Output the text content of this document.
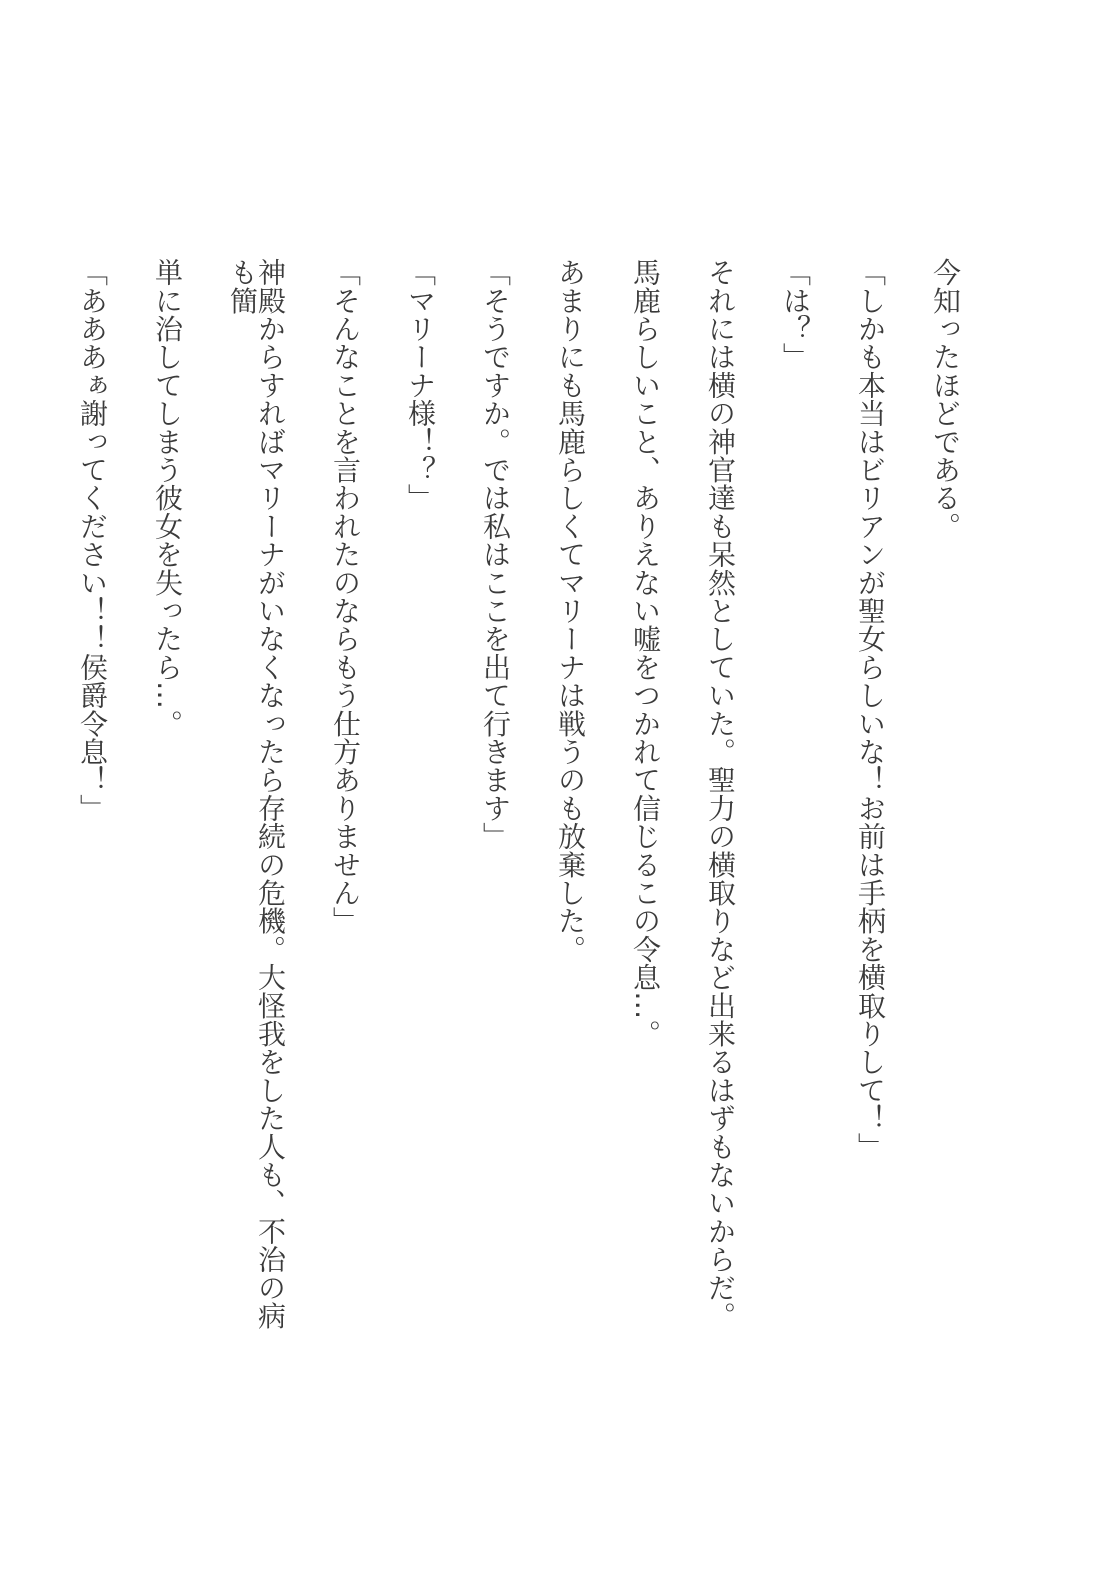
今知ったほどである。
「しかも本当はビリアンが聖女らしいな！お前は手柄を横取りして！」
「は？」
それには横の神官達も呆然としていた。聖力の横取りなど出来るはずもないからだ。
馬鹿らしいこと、ありえない嘘をつかれて信じるこの令息…。
あまりにも馬鹿らしくてマリーナは戦うのも放棄した。
「そうですか。では私はここを出て行きます」
「マリーナ様！？」
「そんなことを言われたのならもう仕方ありません」
神殿からすればマリーナがいなくなったら存続の危機。大怪我をした人も、不治の病も簡
単に治してしまう彼女を失ったら…。
「あああぁ謝ってください！！侯爵令息！」
